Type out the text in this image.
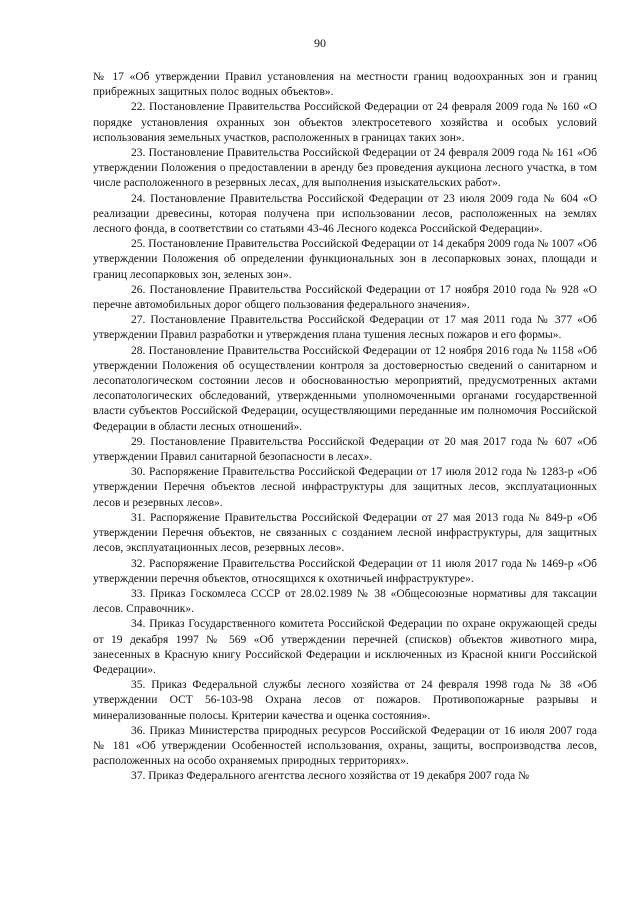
90

№ 17 «Об утверждении Правил установления на местности границ водоохранных зон и границ прибрежных защитных полос водных объектов».

22. Постановление Правительства Российской Федерации от 24 февраля 2009 года № 160 «О порядке установления охранных зон объектов электросетевого хозяйства и особых условий использования земельных участков, расположенных в границах таких зон».

23. Постановление Правительства Российской Федерации от 24 февраля 2009 года № 161 «Об утверждении Положения о предоставлении в аренду без проведения аукциона лесного участка, в том числе расположенного в резервных лесах, для выполнения изыскательских работ».

24. Постановление Правительства Российской Федерации от 23 июля 2009 года № 604 «О реализации древесины, которая получена при использовании лесов, расположенных на землях лесного фонда, в соответствии со статьями 43-46 Лесного кодекса Российской Федерации».

25. Постановление Правительства Российской Федерации от 14 декабря 2009 года № 1007 «Об утверждении Положения об определении функциональных зон в лесопарковых зонах, площади и границ лесопарковых зон, зеленых зон».

26. Постановление Правительства Российской Федерации от 17 ноября 2010 года № 928 «О перечне автомобильных дорог общего пользования федерального значения».

27. Постановление Правительства Российской Федерации от 17 мая 2011 года № 377 «Об утверждении Правил разработки и утверждения плана тушения лесных пожаров и его формы».

28. Постановление Правительства Российской Федерации от 12 ноября 2016 года № 1158 «Об утверждении Положения об осуществлении контроля за достоверностью сведений о санитарном и лесопатологическом состоянии лесов и обоснованностью мероприятий, предусмотренных актами лесопатологических обследований, утвержденными уполномоченными органами государственной власти субъектов Российской Федерации, осуществляющими переданные им полномочия Российской Федерации в области лесных отношений».

29. Постановление Правительства Российской Федерации от 20 мая 2017 года № 607 «Об утверждении Правил санитарной безопасности в лесах».

30. Распоряжение Правительства Российской Федерации от 17 июля 2012 года № 1283-р «Об утверждении Перечня объектов лесной инфраструктуры для защитных лесов, эксплуатационных лесов и резервных лесов».

31. Распоряжение Правительства Российской Федерации от 27 мая 2013 года № 849-р «Об утверждении Перечня объектов, не связанных с созданием лесной инфраструктуры, для защитных лесов, эксплуатационных лесов, резервных лесов».

32. Распоряжение Правительства Российской Федерации от 11 июля 2017 года № 1469-р «Об утверждении перечня объектов, относящихся к охотничьей инфраструктуре».

33. Приказ Госкомлеса СССР от 28.02.1989 № 38 «Общесоюзные нормативы для таксации лесов. Справочник».

34. Приказ Государственного комитета Российской Федерации по охране окружающей среды от 19 декабря 1997 № 569 «Об утверждении перечней (списков) объектов животного мира, занесенных в Красную книгу Российской Федерации и исключенных из Красной книги Российской Федерации».

35. Приказ Федеральной службы лесного хозяйства от 24 февраля 1998 года № 38 «Об утверждении ОСТ 56-103-98 Охрана лесов от пожаров. Противопожарные разрывы и минерализованные полосы. Критерии качества и оценка состояния».

36. Приказ Министерства природных ресурсов Российской Федерации от 16 июля 2007 года № 181 «Об утверждении Особенностей использования, охраны, защиты, воспроизводства лесов, расположенных на особо охраняемых природных территориях».

37. Приказ Федерального агентства лесного хозяйства от 19 декабря 2007 года №
